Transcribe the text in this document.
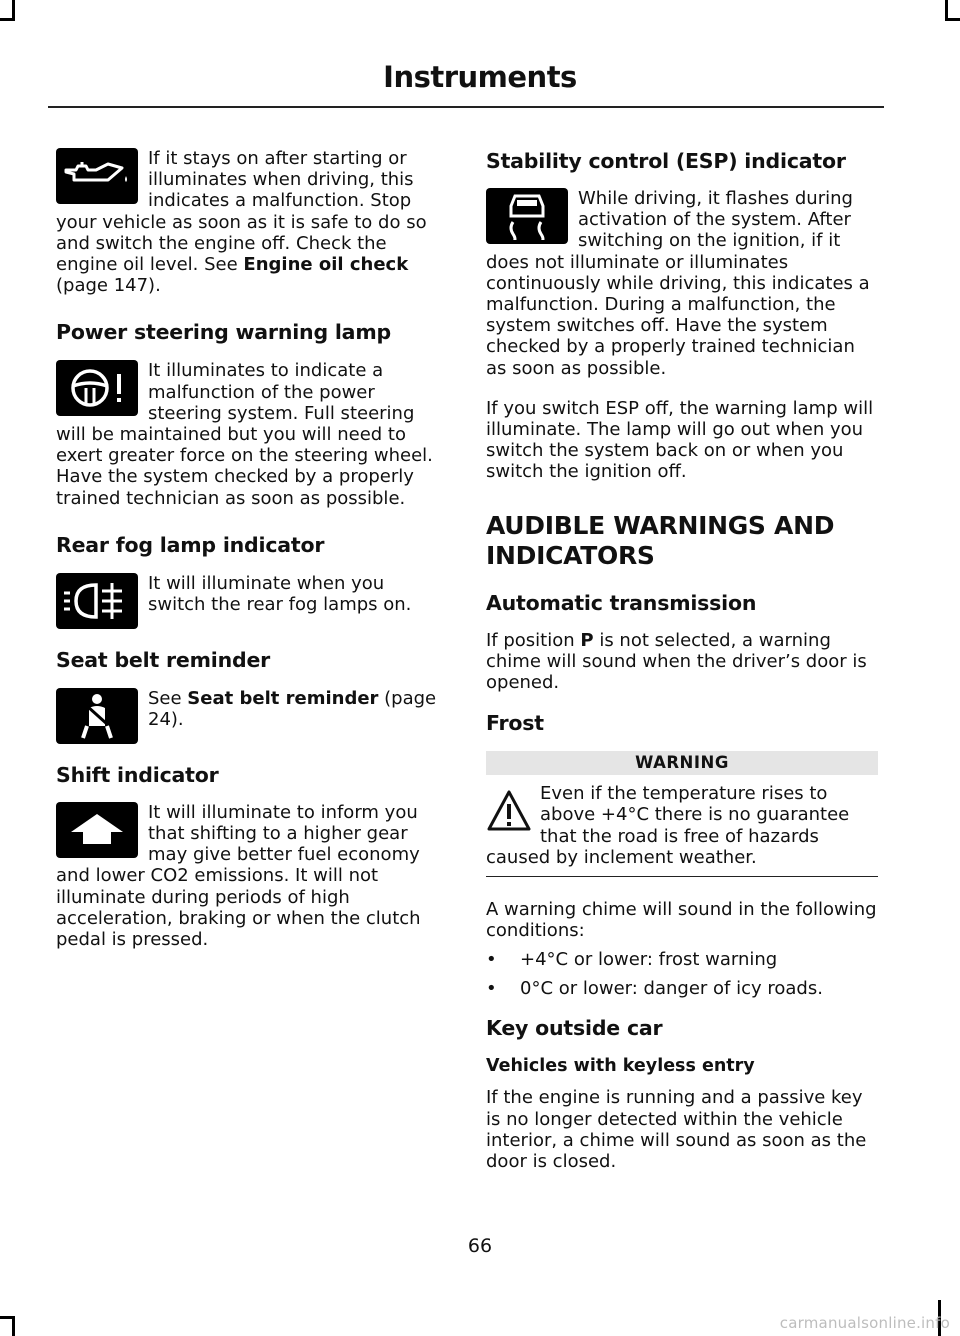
Instruments

If it stays on after starting or illuminates when driving, this indicates a malfunction. Stop your vehicle as soon as it is safe to do so and switch the engine off. Check the engine oil level. See Engine oil check (page 147).

Power steering warning lamp

It illuminates to indicate a malfunction of the power steering system. Full steering will be maintained but you will need to exert greater force on the steering wheel. Have the system checked by a properly trained technician as soon as possible.

Rear fog lamp indicator

It will illuminate when you switch the rear fog lamps on.

Seat belt reminder

See Seat belt reminder (page 24).

Shift indicator

It will illuminate to inform you that shifting to a higher gear may give better fuel economy and lower CO2 emissions. It will not illuminate during periods of high acceleration, braking or when the clutch pedal is pressed.

Stability control (ESP) indicator

While driving, it flashes during activation of the system. After switching on the ignition, if it does not illuminate or illuminates continuously while driving, this indicates a malfunction. During a malfunction, the system switches off. Have the system checked by a properly trained technician as soon as possible.

If you switch ESP off, the warning lamp will illuminate. The lamp will go out when you switch the system back on or when you switch the ignition off.

AUDIBLE WARNINGS AND
INDICATORS
Automatic transmission

If position P is not selected, a warning chime will sound when the driver’s door is opened.

Frost
WARNING

Even if the temperature rises to above +4°C there is no guarantee that the road is free of hazards caused by inclement weather.

A warning chime will sound in the following conditions:

•	+4°C or lower: frost warning
•	0°C or lower: danger of icy roads.
Key outside car
Vehicles with keyless entry

If the engine is running and a passive key is no longer detected within the vehicle interior, a chime will sound as soon as the door is closed.

66
carmanualsonline.info
